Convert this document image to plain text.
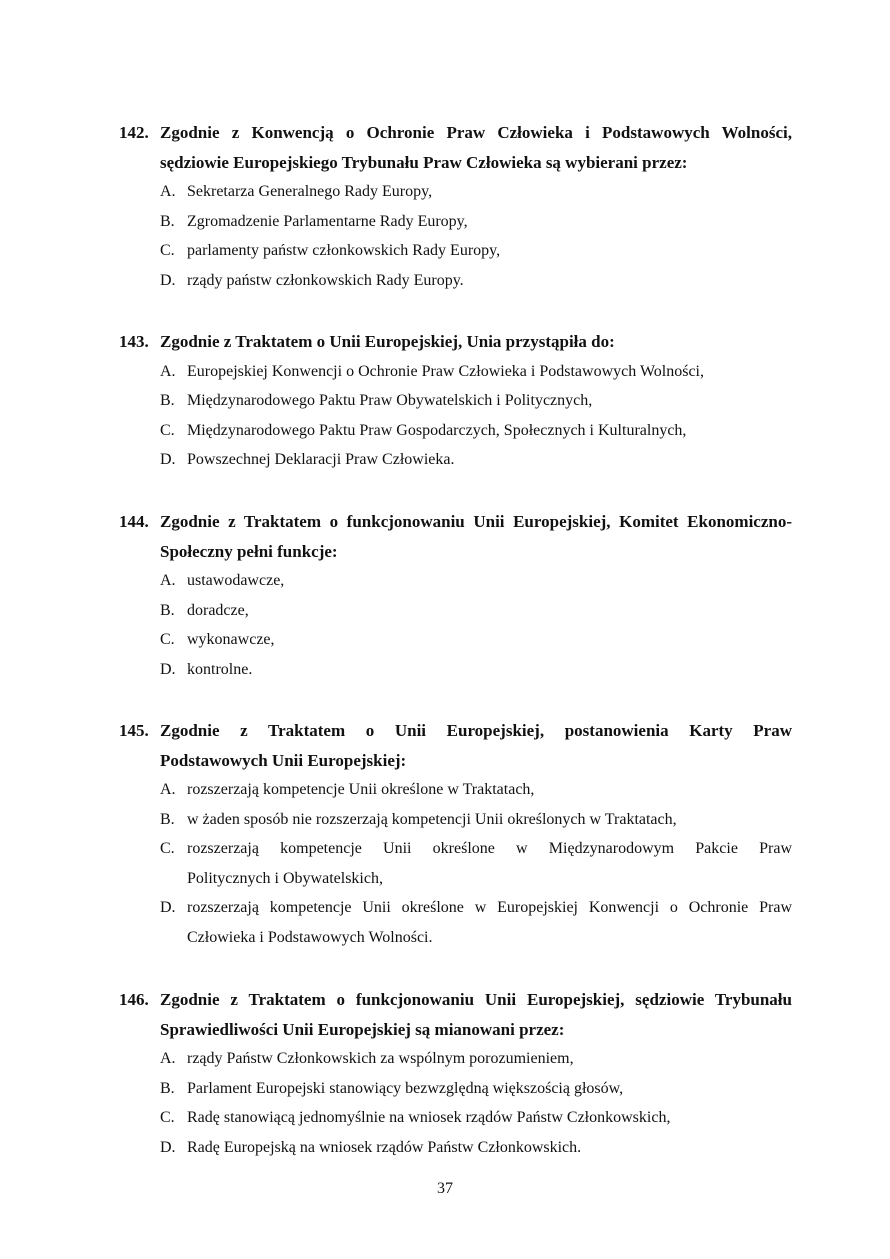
142. Zgodnie z Konwencją o Ochronie Praw Człowieka i Podstawowych Wolności,
sędziowie Europejskiego Trybunału Praw Człowieka są wybierani przez:
A. Sekretarza Generalnego Rady Europy,
B. Zgromadzenie Parlamentarne Rady Europy,
C. parlamenty państw członkowskich Rady Europy,
D. rządy państw członkowskich Rady Europy.
143. Zgodnie z Traktatem o Unii Europejskiej, Unia przystąpiła do:
A. Europejskiej Konwencji o Ochronie Praw Człowieka i Podstawowych Wolności,
B. Międzynarodowego Paktu Praw Obywatelskich i Politycznych,
C. Międzynarodowego Paktu Praw Gospodarczych, Społecznych i Kulturalnych,
D. Powszechnej Deklaracji Praw Człowieka.
144. Zgodnie z Traktatem o funkcjonowaniu Unii Europejskiej, Komitet Ekonomiczno-
Społeczny pełni funkcje:
A. ustawodawcze,
B. doradcze,
C. wykonawcze,
D. kontrolne.
145. Zgodnie z Traktatem o Unii Europejskiej, postanowienia Karty Praw
Podstawowych Unii Europejskiej:
A. rozszerzają kompetencje Unii określone w Traktatach,
B. w żaden sposób nie rozszerzają kompetencji Unii określonych w Traktatach,
C. rozszerzają kompetencje Unii określone w Międzynarodowym Pakcie Praw
Politycznych i Obywatelskich,
D. rozszerzają kompetencje Unii określone w Europejskiej Konwencji o Ochronie Praw
Człowieka i Podstawowych Wolności.
146. Zgodnie z Traktatem o funkcjonowaniu Unii Europejskiej, sędziowie Trybunału
Sprawiedliwości Unii Europejskiej są mianowani przez:
A. rządy Państw Członkowskich za wspólnym porozumieniem,
B. Parlament Europejski stanowiący bezwzględną większością głosów,
C. Radę stanowiącą jednomyślnie na wniosek rządów Państw Członkowskich,
D. Radę Europejską na wniosek rządów Państw Członkowskich.
37
